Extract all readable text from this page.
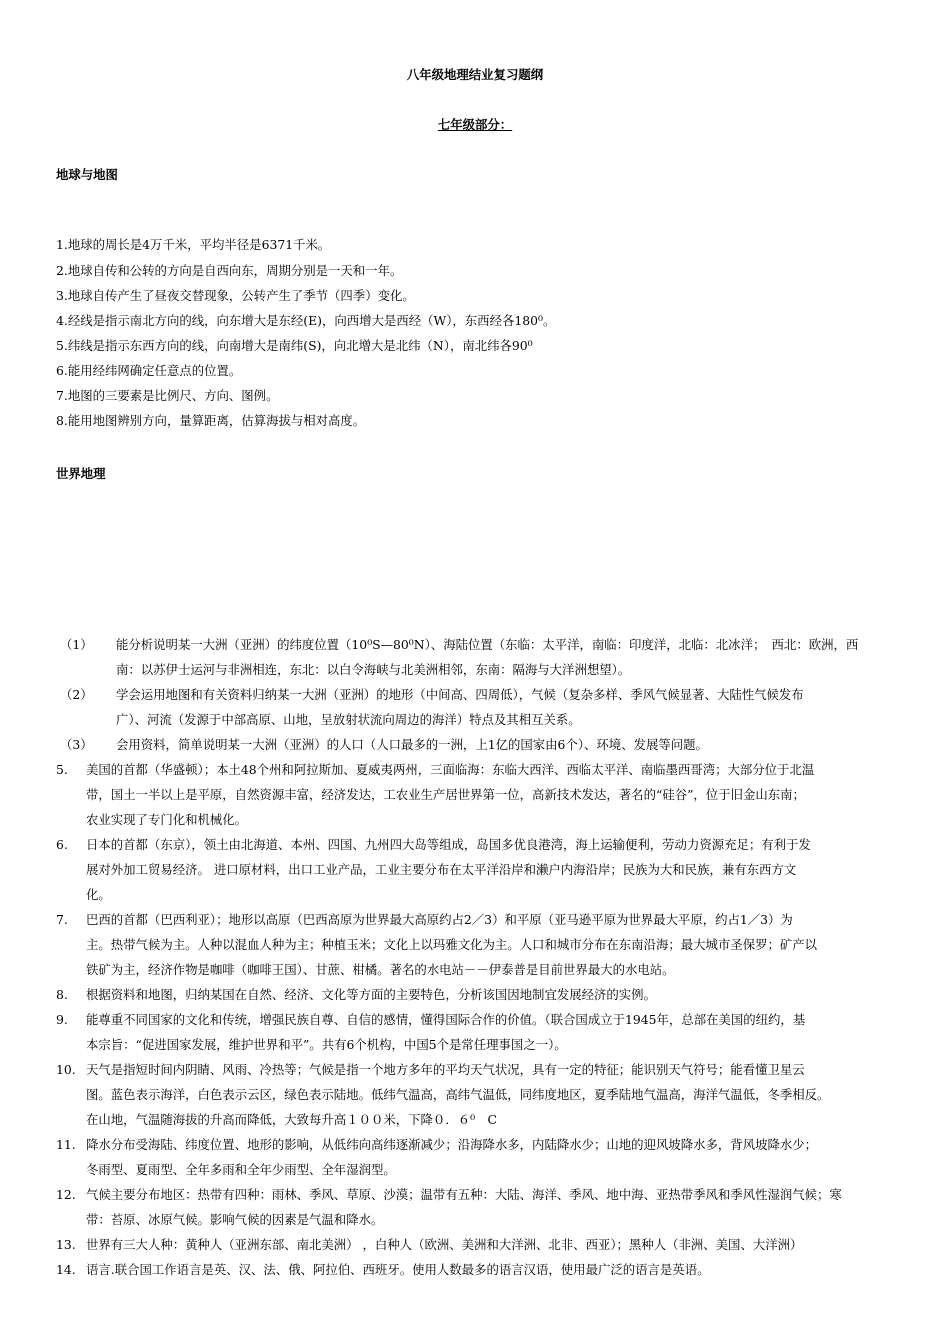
八年级地理结业复习题纲
七年级部分：
地球与地图
1.地球的周长是4万千米，平均半径是6371千米。
2.地球自传和公转的方向是自西向东，周期分别是一天和一年。
3.地球自传产生了昼夜交替现象，公转产生了季节（四季）变化。
4.经线是指示南北方向的线，向东增大是东经(E)，向西增大是西经（W），东西经各180⁰。
5.纬线是指示东西方向的线，向南增大是南纬(S)，向北增大是北纬（N），南北纬各90⁰
6.能用经纬网确定任意点的位置。
7.地图的三要素是比例尺、方向、图例。
8.能用地图辨别方向，量算距离，估算海拔与相对高度。
世界地理
（1）	能分析说明某一大洲（亚洲）的纬度位置（10⁰S—80⁰N）、海陆位置（东临：太平洋，南临：印度洋，北临：北冰洋；　西北：欧洲，西
南：以苏伊士运河与非洲相连，东北：以白令海峡与北美洲相邻，东南：隔海与大洋洲想望）。
（2）	学会运用地图和有关资料归纳某一大洲（亚洲）的地形（中间高、四周低），气候（复杂多样、季风气候显著、大陆性气候发布
广）、河流（发源于中部高原、山地，呈放射状流向周边的海洋）特点及其相互关系。
（3）	会用资料，简单说明某一大洲（亚洲）的人口（人口最多的一洲，上1亿的国家由6个）、环境、发展等问题。
5.	美国的首都（华盛顿）；本土48个州和阿拉斯加、夏威夷两州，三面临海：东临大西洋、西临太平洋、南临墨西哥湾；大部分位于北温
带，国土一半以上是平原，自然资源丰富，经济发达，工农业生产居世界第一位，高新技术发达，著名的“硅谷”，位于旧金山东南；
农业实现了专门化和机械化。
6.	日本的首都（东京），领土由北海道、本州、四国、九州四大岛等组成，岛国多优良港湾，海上运输便利，劳动力资源充足；有利于发
展对外加工贸易经济。 进口原材料，出口工业产品，工业主要分布在太平洋沿岸和濑户内海沿岸；民族为大和民族，兼有东西方文
化。
7.	巴西的首都（巴西利亚）；地形以高原（巴西高原为世界最大高原约占2／3）和平原（亚马逊平原为世界最大平原，约占1／3）为
主。热带气候为主。人种以混血人种为主；种植玉米；文化上以玛雅文化为主。人口和城市分布在东南沿海；最大城市圣保罗；矿产以
铁矿为主，经济作物是咖啡（咖啡王国）、甘蔗、柑橘。著名的水电站－－伊泰普是目前世界最大的水电站。
8.	根据资料和地图，归纳某国在自然、经济、文化等方面的主要特色，分析该国因地制宜发展经济的实例。
9.	能尊重不同国家的文化和传统，增强民族自尊、自信的感情，懂得国际合作的价值。（联合国成立于1945年，总部在美国的纽约，基
本宗旨：“促进国家发展，维护世界和平”。共有6个机构，中国5个是常任理事国之一）。
10. 天气是指短时间内阴睛、风雨、冷热等；气候是指一个地方多年的平均天气状况，具有一定的特征；能识别天气符号；能看懂卫星云
图。蓝色表示海洋，白色表示云区，绿色表示陆地。低纬气温高，高纬气温低，同纬度地区，夏季陆地气温高，海洋气温低，冬季相反。
在山地，气温随海拔的升高而降低，大致每升高１００米，下降０．６⁰　C
11. 降水分布受海陆、纬度位置、地形的影响，从低纬向高纬逐渐减少；沿海降水多，内陆降水少；山地的迎风坡降水多，背风坡降水少；
冬雨型、夏雨型、全年多雨和全年少雨型、全年湿润型。
12. 气候主要分布地区：热带有四种：雨林、季风、草原、沙漠；温带有五种：大陆、海洋、季风、地中海、亚热带季风和季风性湿润气候；寒
带：苔原、冰原气候。影响气候的因素是气温和降水。
13. 世界有三大人种：黄种人（亚洲东部、南北美洲） ，白种人（欧洲、美洲和大洋洲、北非、西亚）；黑种人（非洲、美国、大洋洲）
14. 语言.联合国工作语言是英、汉、法、俄、阿拉伯、西班牙。使用人数最多的语言汉语，使用最广泛的语言是英语。
